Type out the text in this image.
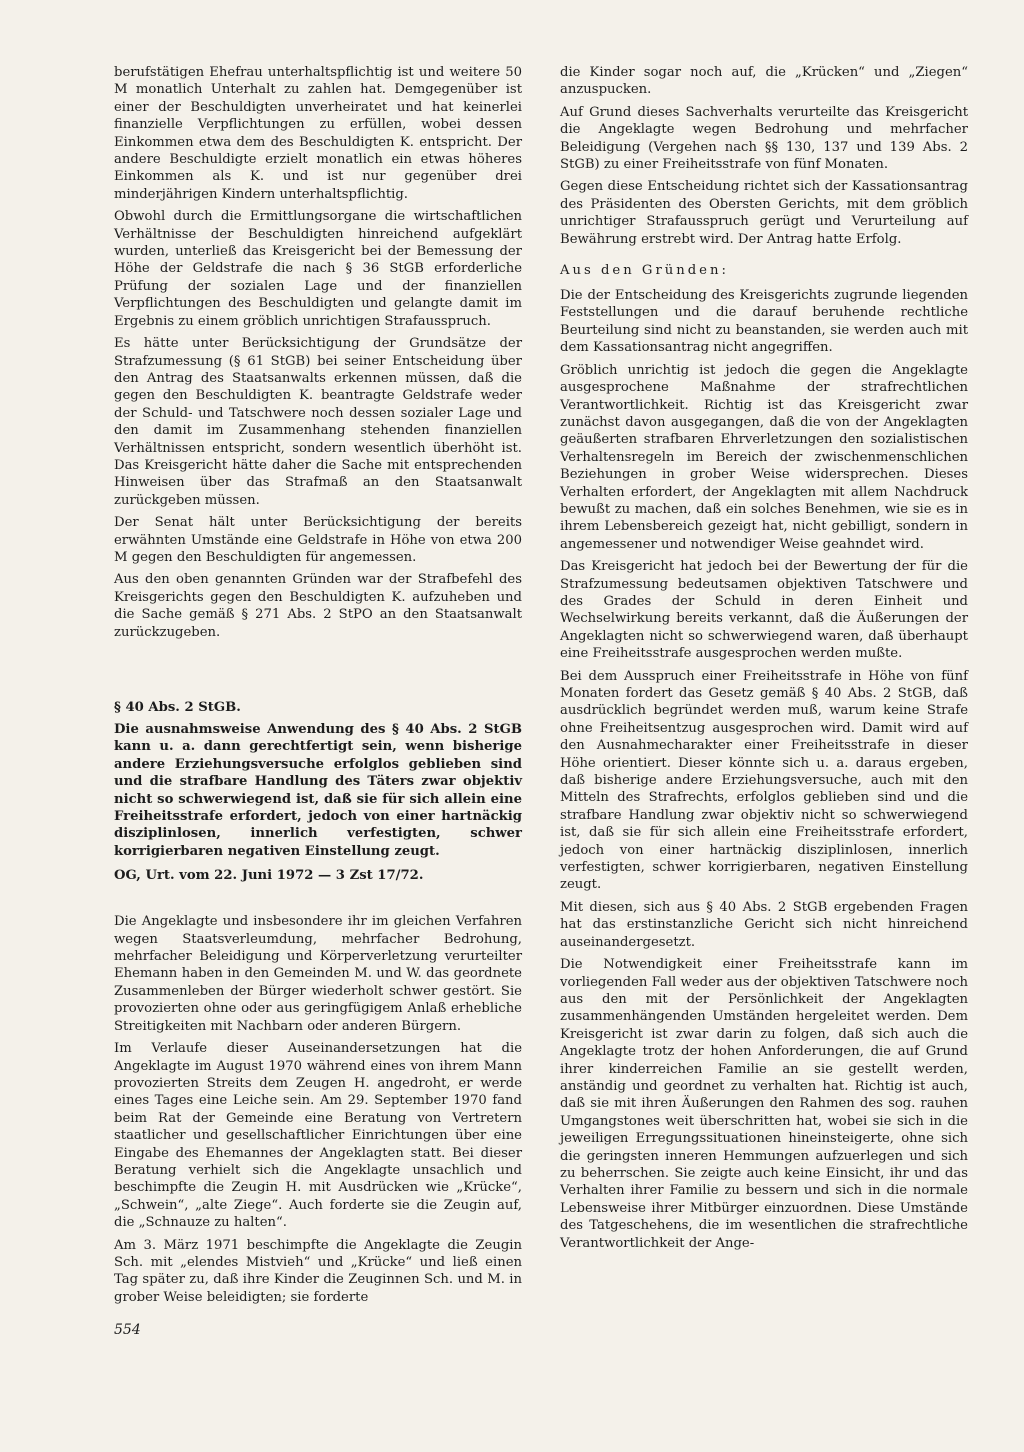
berufstätigen Ehefrau unterhaltspflichtig ist und weitere 50 M monatlich Unterhalt zu zahlen hat. Demgegenüber ist einer der Beschuldigten unverheiratet und hat keinerlei finanzielle Verpflichtungen zu erfüllen, wobei dessen Einkommen etwa dem des Beschuldigten K. entspricht. Der andere Beschuldigte erzielt monatlich ein etwas höheres Einkommen als K. und ist nur gegenüber drei minderjährigen Kindern unterhaltspflichtig.

Obwohl durch die Ermittlungsorgane die wirtschaftlichen Verhältnisse der Beschuldigten hinreichend aufgeklärt wurden, unterließ das Kreisgericht bei der Bemessung der Höhe der Geldstrafe die nach § 36 StGB erforderliche Prüfung der sozialen Lage und der finanziellen Verpflichtungen des Beschuldigten und gelangte damit im Ergebnis zu einem gröblich unrichtigen Strafausspruch.

Es hätte unter Berücksichtigung der Grundsätze der Strafzumessung (§ 61 StGB) bei seiner Entscheidung über den Antrag des Staatsanwalts erkennen müssen, daß die gegen den Beschuldigten K. beantragte Geldstrafe weder der Schuld- und Tatschwere noch dessen sozialer Lage und den damit im Zusammenhang stehenden finanziellen Verhältnissen entspricht, sondern wesentlich überhöht ist. Das Kreisgericht hätte daher die Sache mit entsprechenden Hinweisen über das Strafmaß an den Staatsanwalt zurückgeben müssen.

Der Senat hält unter Berücksichtigung der bereits erwähnten Umstände eine Geldstrafe in Höhe von etwa 200 M gegen den Beschuldigten für angemessen.

Aus den oben genannten Gründen war der Strafbefehl des Kreisgerichts gegen den Beschuldigten K. aufzuheben und die Sache gemäß § 271 Abs. 2 StPO an den Staatsanwalt zurückzugeben.

§ 40 Abs. 2 StGB.
Die ausnahmsweise Anwendung des § 40 Abs. 2 StGB kann u. a. dann gerechtfertigt sein, wenn bisherige andere Erziehungsversuche erfolglos geblieben sind und die strafbare Handlung des Täters zwar objektiv nicht so schwerwiegend ist, daß sie für sich allein eine Freiheitsstrafe erfordert, jedoch von einer hartnäckig disziplinlosen, innerlich verfestigten, schwer korrigierbaren negativen Einstellung zeugt.
OG, Urt. vom 22. Juni 1972 — 3 Zst 17/72.

Die Angeklagte und insbesondere ihr im gleichen Verfahren wegen Staatsverleumdung, mehrfacher Bedrohung, mehrfacher Beleidigung und Körperverletzung verurteilter Ehemann haben in den Gemeinden M. und W. das geordnete Zusammenleben der Bürger wiederholt schwer gestört. Sie provozierten ohne oder aus geringfügigem Anlaß erhebliche Streitigkeiten mit Nachbarn oder anderen Bürgern.

Im Verlaufe dieser Auseinandersetzungen hat die Angeklagte im August 1970 während eines von ihrem Mann provozierten Streits dem Zeugen H. angedroht, er werde eines Tages eine Leiche sein. Am 29. September 1970 fand beim Rat der Gemeinde eine Beratung von Vertretern staatlicher und gesellschaftlicher Einrichtungen über eine Eingabe des Ehemannes der Angeklagten statt. Bei dieser Beratung verhielt sich die Angeklagte unsachlich und beschimpfte die Zeugin H. mit Ausdrücken wie „Krücke“, „Schwein“, „alte Ziege“. Auch forderte sie die Zeugin auf, die „Schnauze zu halten“.

Am 3. März 1971 beschimpfte die Angeklagte die Zeugin Sch. mit „elendes Mistvieh“ und „Krücke“ und ließ einen Tag später zu, daß ihre Kinder die Zeuginnen Sch. und M. in grober Weise beleidigten; sie forderte

die Kinder sogar noch auf, die „Krücken“ und „Ziegen“ anzuspucken.

Auf Grund dieses Sachverhalts verurteilte das Kreisgericht die Angeklagte wegen Bedrohung und mehrfacher Beleidigung (Vergehen nach §§ 130, 137 und 139 Abs. 2 StGB) zu einer Freiheitsstrafe von fünf Monaten.

Gegen diese Entscheidung richtet sich der Kassationsantrag des Präsidenten des Obersten Gerichts, mit dem gröblich unrichtiger Strafausspruch gerügt und Verurteilung auf Bewährung erstrebt wird. Der Antrag hatte Erfolg.

Aus den Gründen:

Die der Entscheidung des Kreisgerichts zugrunde liegenden Feststellungen und die darauf beruhende rechtliche Beurteilung sind nicht zu beanstanden, sie werden auch mit dem Kassationsantrag nicht angegriffen.

Gröblich unrichtig ist jedoch die gegen die Angeklagte ausgesprochene Maßnahme der strafrechtlichen Verantwortlichkeit. Richtig ist das Kreisgericht zwar zunächst davon ausgegangen, daß die von der Angeklagten geäußerten strafbaren Ehrverletzungen den sozialistischen Verhaltensregeln im Bereich der zwischenmenschlichen Beziehungen in grober Weise widersprechen. Dieses Verhalten erfordert, der Angeklagten mit allem Nachdruck bewußt zu machen, daß ein solches Benehmen, wie sie es in ihrem Lebensbereich gezeigt hat, nicht gebilligt, sondern in angemessener und notwendiger Weise geahndet wird.

Das Kreisgericht hat jedoch bei der Bewertung der für die Strafzumessung bedeutsamen objektiven Tatschwere und des Grades der Schuld in deren Einheit und Wechselwirkung bereits verkannt, daß die Äußerungen der Angeklagten nicht so schwerwiegend waren, daß überhaupt eine Freiheitsstrafe ausgesprochen werden mußte.

Bei dem Ausspruch einer Freiheitsstrafe in Höhe von fünf Monaten fordert das Gesetz gemäß § 40 Abs. 2 StGB, daß ausdrücklich begründet werden muß, warum keine Strafe ohne Freiheitsentzug ausgesprochen wird. Damit wird auf den Ausnahmecharakter einer Freiheitsstrafe in dieser Höhe orientiert. Dieser könnte sich u. a. daraus ergeben, daß bisherige andere Erziehungsversuche, auch mit den Mitteln des Strafrechts, erfolglos geblieben sind und die strafbare Handlung zwar objektiv nicht so schwerwiegend ist, daß sie für sich allein eine Freiheitsstrafe erfordert, jedoch von einer hartnäckig disziplinlosen, innerlich verfestigten, schwer korrigierbaren, negativen Einstellung zeugt.

Mit diesen, sich aus § 40 Abs. 2 StGB ergebenden Fragen hat das erstinstanzliche Gericht sich nicht hinreichend auseinandergesetzt.

Die Notwendigkeit einer Freiheitsstrafe kann im vorliegenden Fall weder aus der objektiven Tatschwere noch aus den mit der Persönlichkeit der Angeklagten zusammenhängenden Umständen hergeleitet werden. Dem Kreisgericht ist zwar darin zu folgen, daß sich auch die Angeklagte trotz der hohen Anforderungen, die auf Grund ihrer kinderreichen Familie an sie gestellt werden, anständig und geordnet zu verhalten hat. Richtig ist auch, daß sie mit ihren Äußerungen den Rahmen des sog. rauhen Umgangstones weit überschritten hat, wobei sie sich in die jeweiligen Erregungssituationen hineinsteigerte, ohne sich die geringsten inneren Hemmungen aufzuerlegen und sich zu beherrschen. Sie zeigte auch keine Einsicht, ihr und das Verhalten ihrer Familie zu bessern und sich in die normale Lebensweise ihrer Mitbürger einzuordnen. Diese Umstände des Tatgeschehens, die im wesentlichen die strafrechtliche Verantwortlichkeit der Ange-

554
